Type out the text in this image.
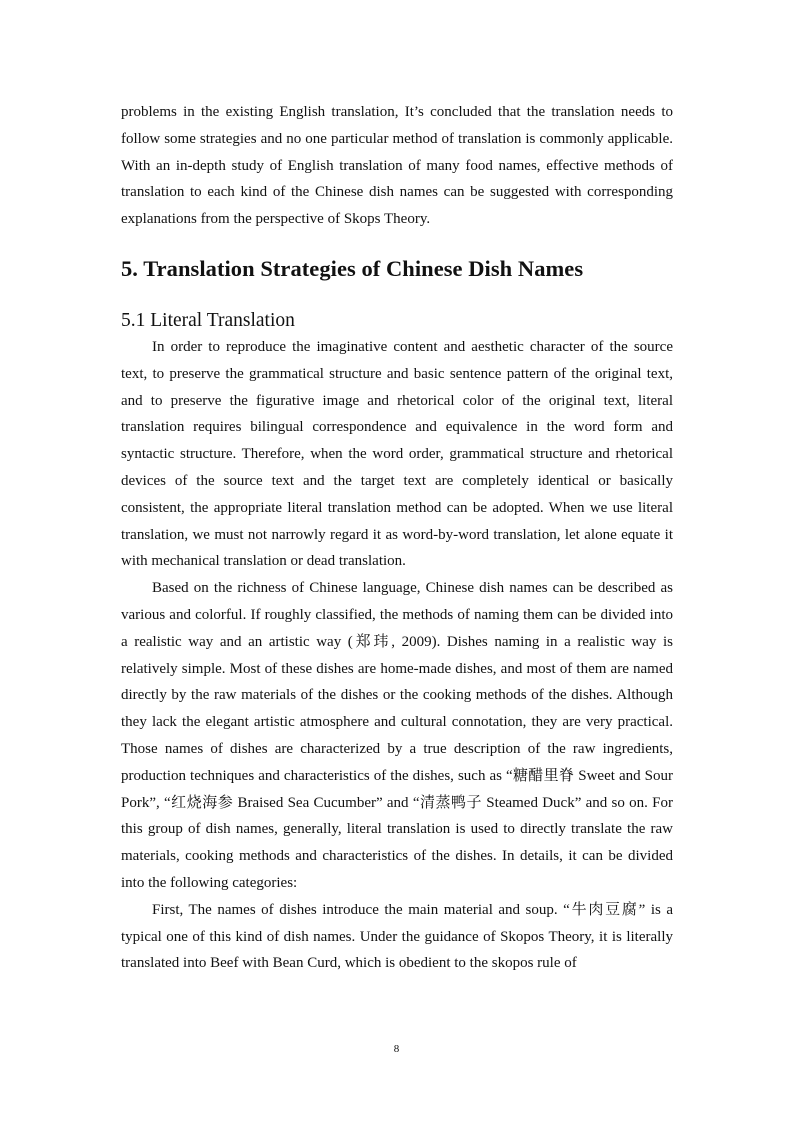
problems in the existing English translation, It’s concluded that the translation needs to follow some strategies and no one particular method of translation is commonly applicable. With an in-depth study of English translation of many food names, effective methods of translation to each kind of the Chinese dish names can be suggested with corresponding explanations from the perspective of Skops Theory.

5. Translation Strategies of Chinese Dish Names
5.1 Literal Translation

In order to reproduce the imaginative content and aesthetic character of the source text, to preserve the grammatical structure and basic sentence pattern of the original text, and to preserve the figurative image and rhetorical color of the original text, literal translation requires bilingual correspondence and equivalence in the word form and syntactic structure. Therefore, when the word order, grammatical structure and rhetorical devices of the source text and the target text are completely identical or basically consistent, the appropriate literal translation method can be adopted. When we use literal translation, we must not narrowly regard it as word-by-word translation, let alone equate it with mechanical translation or dead translation.

Based on the richness of Chinese language, Chinese dish names can be described as various and colorful. If roughly classified, the methods of naming them can be divided into a realistic way and an artistic way (郑玮, 2009). Dishes naming in a realistic way is relatively simple. Most of these dishes are home-made dishes, and most of them are named directly by the raw materials of the dishes or the cooking methods of the dishes. Although they lack the elegant artistic atmosphere and cultural connotation, they are very practical. Those names of dishes are characterized by a true description of the raw ingredients, production techniques and characteristics of the dishes, such as “糖醋里脊 Sweet and Sour Pork”, “红烧海参 Braised Sea Cucumber” and “清蒸鸭子 Steamed Duck” and so on. For this group of dish names, generally, literal translation is used to directly translate the raw materials, cooking methods and characteristics of the dishes. In details, it can be divided into the following categories:

First, The names of dishes introduce the main material and soup. “牛肉豆腐” is a typical one of this kind of dish names. Under the guidance of Skopos Theory, it is literally translated into Beef with Bean Curd, which is obedient to the skopos rule of

8
